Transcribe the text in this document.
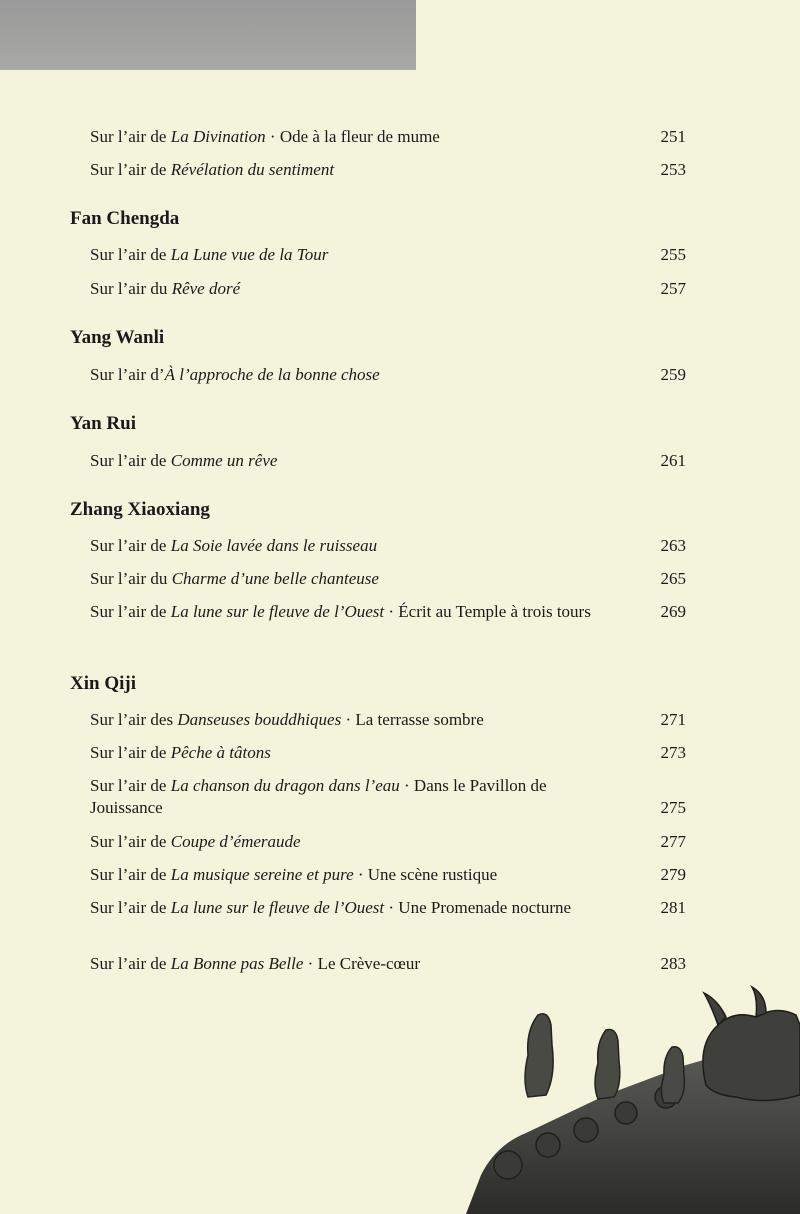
Sur l’air de La Divination · Ode à la fleur de mume	251
Sur l’air de Révélation du sentiment	253
Fan Chengda
Sur l’air de La Lune vue de la Tour	255
Sur l’air du Rêve doré	257
Yang Wanli
Sur l’air d’À l’approche de la bonne chose	259
Yan Rui
Sur l’air de Comme un rêve	261
Zhang Xiaoxiang
Sur l’air de La Soie lavée dans le ruisseau	263
Sur l’air du Charme d’une belle chanteuse	265
Sur l’air de La lune sur le fleuve de l’Ouest · Écrit au Temple à trois tours	269
Xin Qiji
Sur l’air des Danseuses bouddhiques · La terrasse sombre	271
Sur l’air de Pêche à tâtons	273
Sur l’air de La chanson du dragon dans l’eau · Dans le Pavillon de Jouissance	275
Sur l’air de Coupe d’émeraude	277
Sur l’air de La musique sereine et pure · Une scène rustique	279
Sur l’air de La lune sur le fleuve de l’Ouest · Une Promenade nocturne	281
Sur l’air de La Bonne pas Belle · Le Crève-cœur	283
